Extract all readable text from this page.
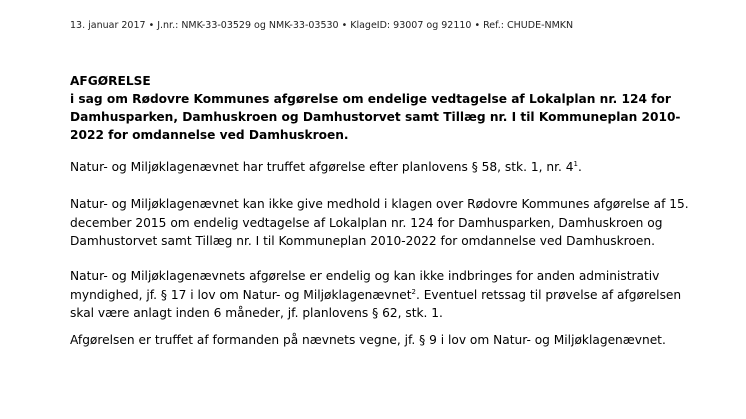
13. januar 2017 • J.nr.: NMK-33-03529 og NMK-33-03530 • KlageID: 93007 og 92110 • Ref.: CHUDE-NMKN
AFGØRELSE
i sag om Rødovre Kommunes afgørelse om endelige vedtagelse af Lokalplan nr. 124 for
Damhusparken, Damhuskroen og Damhustorvet samt Tillæg nr. I til Kommuneplan 2010-
2022 for omdannelse ved Damhuskroen.
Natur- og Miljøklagenævnet har truffet afgørelse efter planlovens § 58, stk. 1, nr. $4^1$.
Natur- og Miljøklagenævnet kan ikke give medhold i klagen over Rødovre Kommunes afgørelse af 15.
december 2015 om endelig vedtagelse af Lokalplan nr. 124 for Damhusparken, Damhuskroen og
Damhustorvet samt Tillæg nr. I til Kommuneplan 2010-2022 for omdannelse ved Damhuskroen.
Natur- og Miljøklagenævnets afgørelse er endelig og kan ikke indbringes for anden administrativ
myndighed, jf. § 17 i lov om Natur- og Miljøklagenævnet$^2$. Eventuel retssag til prøvelse af afgørelsen
skal være anlagt inden 6 måneder, jf. planlovens § 62, stk. 1.
Afgørelsen er truffet af formanden på nævnets vegne, jf. § 9 i lov om Natur- og Miljøklagenævnet.
